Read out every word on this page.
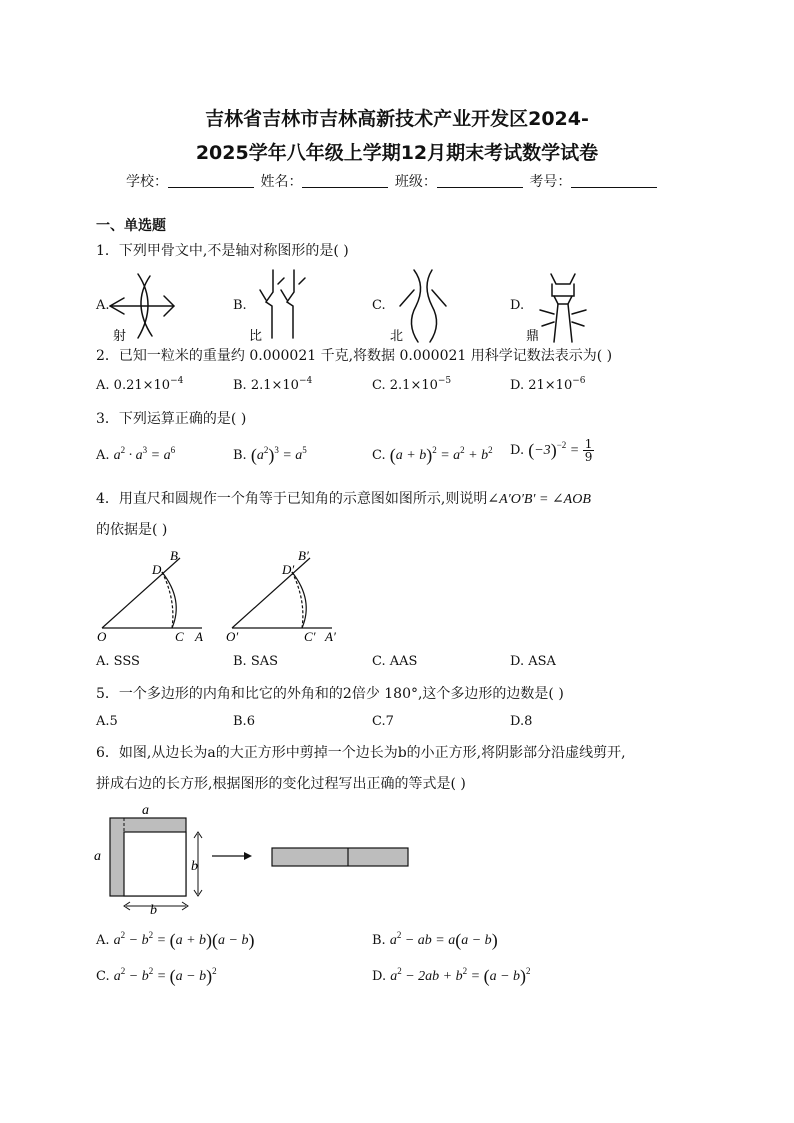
吉林省吉林市吉林高新技术产业开发区2024-
2025学年八年级上学期12月期末考试数学试卷
学校：	姓名：	班级：	考号：
一、单选题
1．下列甲骨文中,不是轴对称图形的是( )
A.	B.	C.	D.
射	比	北	鼎
2．已知一粒米的重量约 0.000021 千克,将数据 0.000021 用科学记数法表示为( )
A. $0.21\times 10^{-4}$	B. $2.1\times 10^{-4}$	C. $2.1\times 10^{-5}$	D. $21\times 10^{-6}$
3．下列运算正确的是( )
A. $a^2 \cdot a^3 = a^6$	B. $(a^2)^3 = a^5$	C. $(a + b)^2 = a^2 + b^2$ D. $(-3)^{-2} = \frac{1}{9}$
4．用直尺和圆规作一个角等于已知角的示意图如图所示,则说明∠A′O′B′ = ∠AOB
的依据是( )
B
D
O	C A
B′
D′
O′	C′ A′
A. SSS	B. SAS	C. AAS	D. ASA
5．一个多边形的内角和比它的外角和的2倍少 180°,这个多边形的边数是( )
A.5	B.6	C.7	D.8
6．如图,从边长为a的大正方形中剪掉一个边长为b的小正方形,将阴影部分沿虚线剪开,
拼成右边的长方形,根据图形的变化过程写出正确的等式是( )
a
a
b
b
A. $a^2 - b^2 = (a + b)(a - b)$	B. $a^2$ − ab = a(a − b)
C. $a^2 - b^2 = (a - b)^2$	D. $a^2 - 2ab + b^2 = (a - b)^2$
